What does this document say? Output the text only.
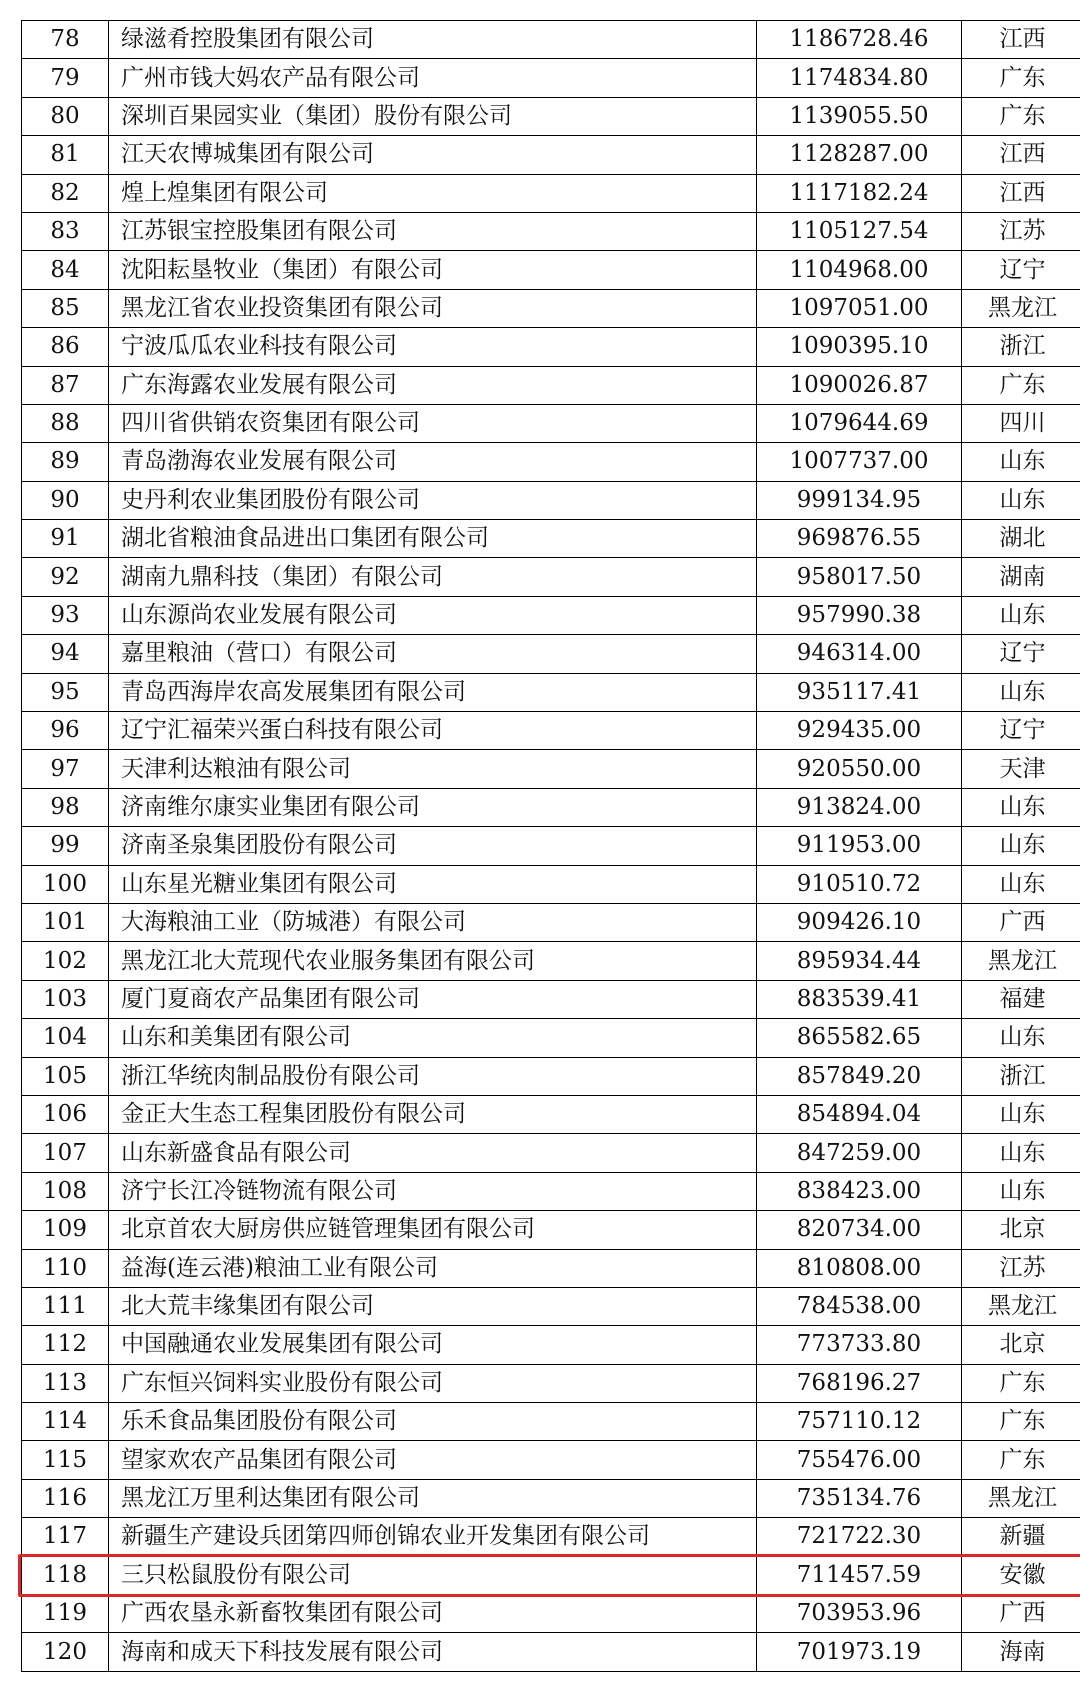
78	绿滋肴控股集团有限公司	1186728.46	江西
79	广州市钱大妈农产品有限公司	1174834.80	广东
80	深圳百果园实业（集团）股份有限公司	1139055.50	广东
81	江天农博城集团有限公司	1128287.00	江西
82	煌上煌集团有限公司	1117182.24	江西
83	江苏银宝控股集团有限公司	1105127.54	江苏
84	沈阳耘垦牧业（集团）有限公司	1104968.00	辽宁
85	黑龙江省农业投资集团有限公司	1097051.00	黑龙江
86	宁波瓜瓜农业科技有限公司	1090395.10	浙江
87	广东海露农业发展有限公司	1090026.87	广东
88	四川省供销农资集团有限公司	1079644.69	四川
89	青岛渤海农业发展有限公司	1007737.00	山东
90	史丹利农业集团股份有限公司	999134.95	山东
91	湖北省粮油食品进出口集团有限公司	969876.55	湖北
92	湖南九鼎科技（集团）有限公司	958017.50	湖南
93	山东源尚农业发展有限公司	957990.38	山东
94	嘉里粮油（营口）有限公司	946314.00	辽宁
95	青岛西海岸农高发展集团有限公司	935117.41	山东
96	辽宁汇福荣兴蛋白科技有限公司	929435.00	辽宁
97	天津利达粮油有限公司	920550.00	天津
98	济南维尔康实业集团有限公司	913824.00	山东
99	济南圣泉集团股份有限公司	911953.00	山东
100	山东星光糖业集团有限公司	910510.72	山东
101	大海粮油工业（防城港）有限公司	909426.10	广西
102	黑龙江北大荒现代农业服务集团有限公司	895934.44	黑龙江
103	厦门夏商农产品集团有限公司	883539.41	福建
104	山东和美集团有限公司	865582.65	山东
105	浙江华统肉制品股份有限公司	857849.20	浙江
106	金正大生态工程集团股份有限公司	854894.04	山东
107	山东新盛食品有限公司	847259.00	山东
108	济宁长江冷链物流有限公司	838423.00	山东
109	北京首农大厨房供应链管理集团有限公司	820734.00	北京
110	益海(连云港)粮油工业有限公司	810808.00	江苏
111	北大荒丰缘集团有限公司	784538.00	黑龙江
112	中国融通农业发展集团有限公司	773733.80	北京
113	广东恒兴饲料实业股份有限公司	768196.27	广东
114	乐禾食品集团股份有限公司	757110.12	广东
115	望家欢农产品集团有限公司	755476.00	广东
116	黑龙江万里利达集团有限公司	735134.76	黑龙江
117	新疆生产建设兵团第四师创锦农业开发集团有限公司	721722.30	新疆
118	三只松鼠股份有限公司	711457.59	安徽
119	广西农垦永新畜牧集团有限公司	703953.96	广西
120	海南和成天下科技发展有限公司	701973.19	海南
